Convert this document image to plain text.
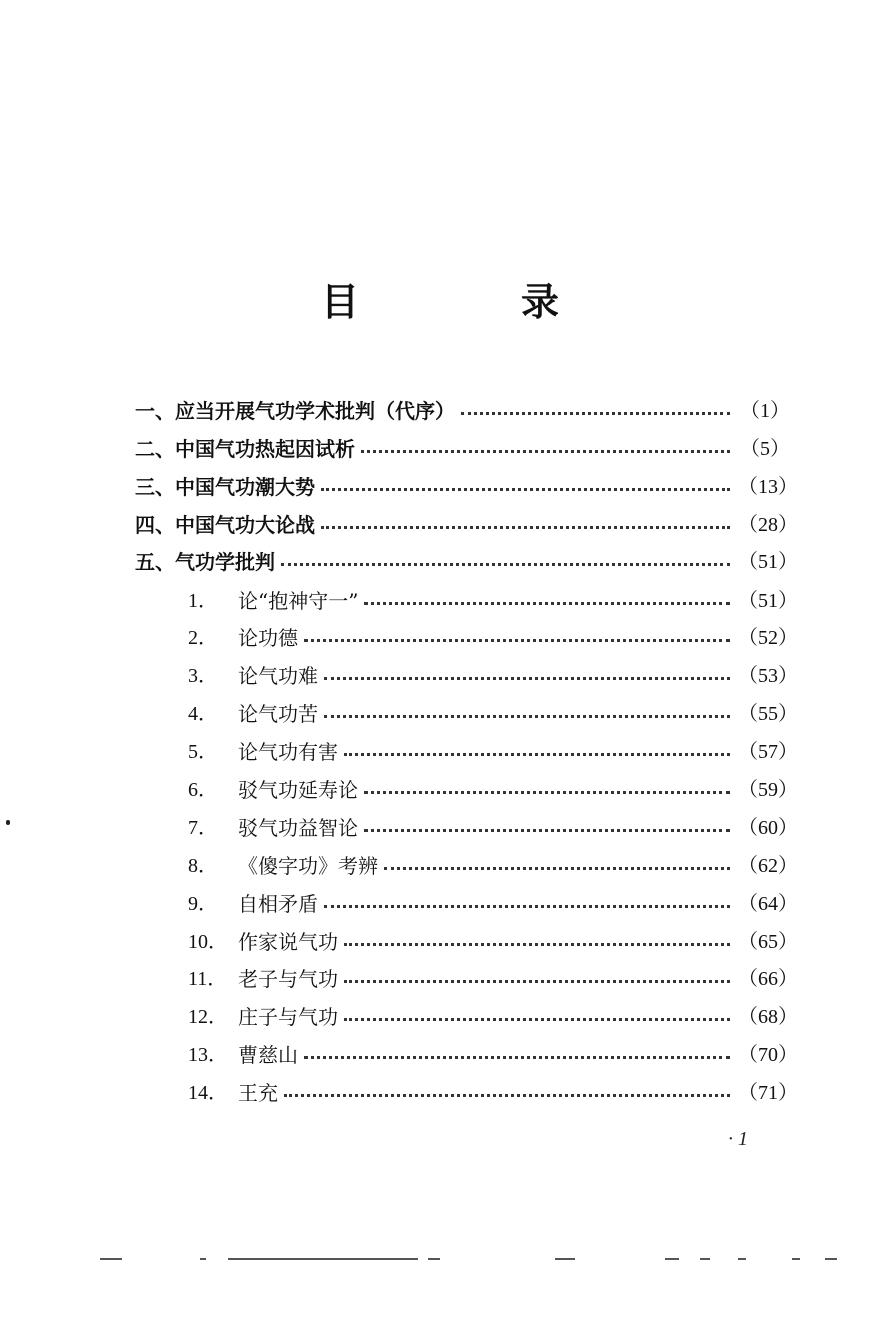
目　录
一、 应当开展气功学术批判（代序）	（1）
二、 中国气功热起因试析	（5）
三、 中国气功潮大势	（13）
四、 中国气功大论战	（28）
五、 气功学批判	（51）
1．	论“抱神守一”	（51）
2．	论功德	（52）
3．	论气功难	（53）
4．	论气功苦	（55）
5．	论气功有害	（57）
6．	驳气功延寿论	（59）
7．	驳气功益智论	（60）
8．	《傻字功》考辨	（62）
9．	自相矛盾	（64）
10． 作家说气功	（65）
11． 老子与气功	（66）
12． 庄子与气功	（68）
13． 曹慈山	（70）
14． 王充	（71）
· 1
